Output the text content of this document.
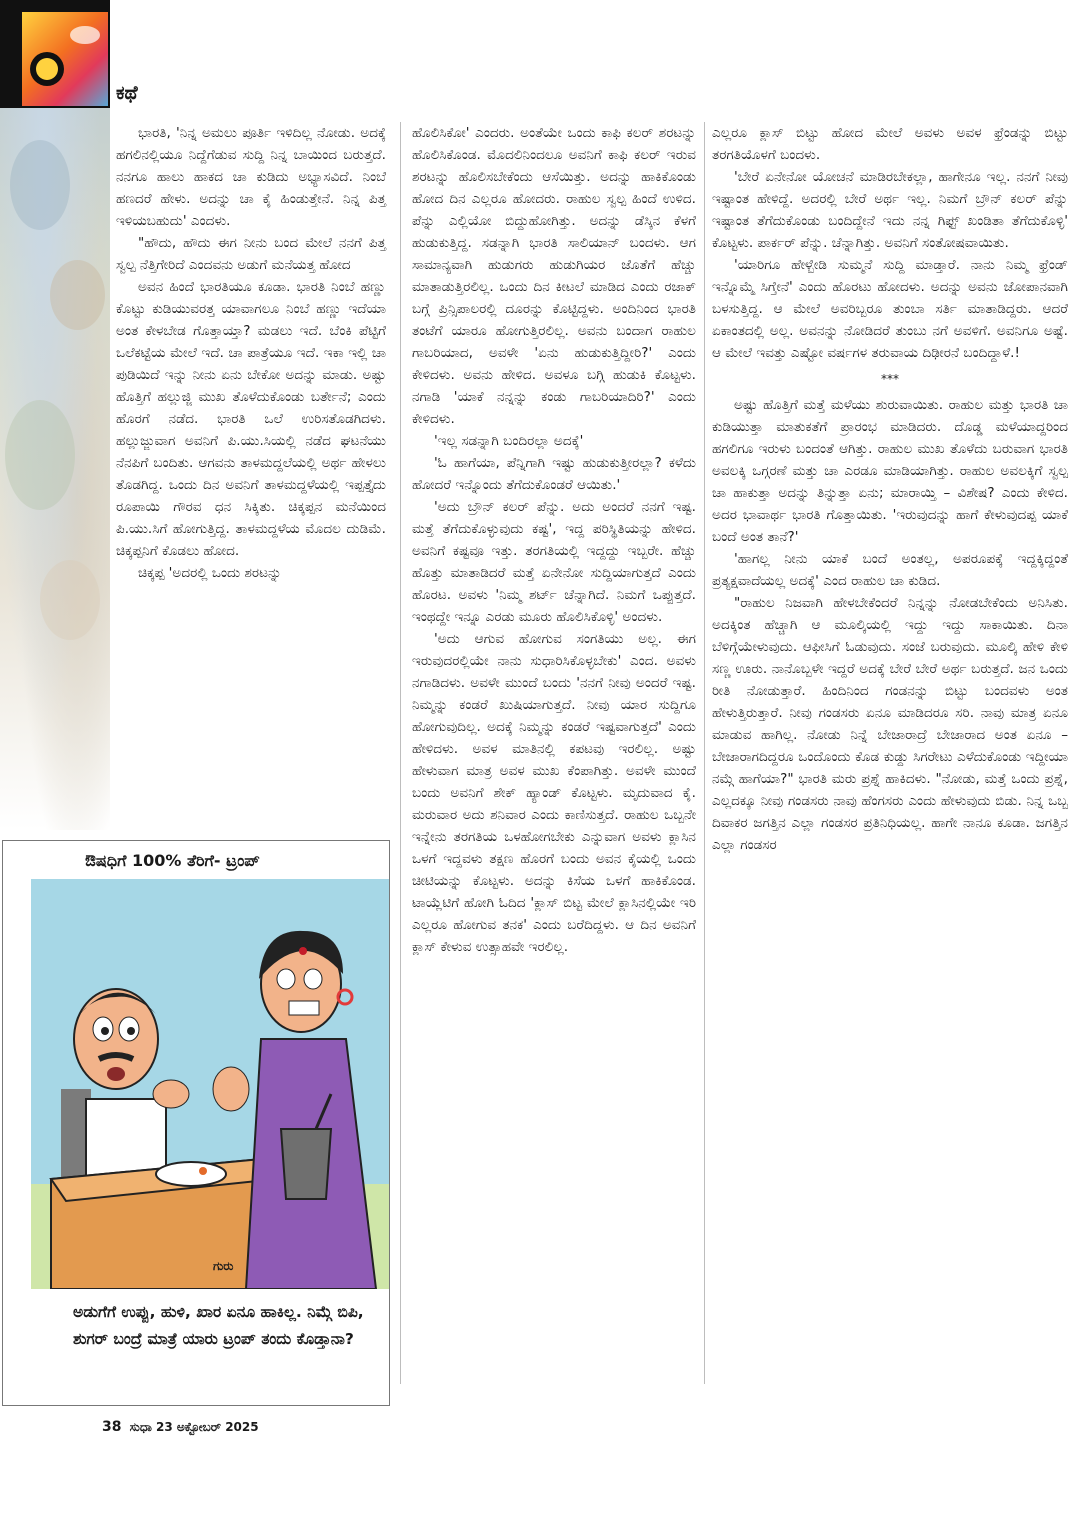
ಕಥೆ

ಭಾರತಿ, 'ನಿನ್ನ ಅಮಲು ಪೂರ್ತಿ ಇಳಿದಿಲ್ಲ ನೋಡು. ಅದಕ್ಕೆ ಹಗಲಿನಲ್ಲಿಯೂ ನಿದ್ದೆಗೆಡುವ ಸುದ್ದಿ ನಿನ್ನ ಬಾಯಿಂದ ಬರುತ್ತದೆ. ನನಗೂ ಹಾಲು ಹಾಕದ ಚಾ ಕುಡಿದು ಅಭ್ಯಾಸವಿದೆ. ನಿಂಬೆ ಹಣದರೆ ಹೇಳು. ಅದನ್ನು ಚಾ ಕೈ ಹಿಂಡುತ್ತೇನೆ. ನಿನ್ನ ಪಿತ್ತ ಇಳಿಯಬಹುದು' ಎಂದಳು.

"ಹೌದು, ಹೌದು ಈಗ ನೀನು ಬಂದ ಮೇಲೆ ನನಗೆ ಪಿತ್ತ ಸ್ವಲ್ಪ ನೆತ್ತಿಗೇರಿದೆ ಎಂದವನು ಅಡುಗೆ ಮನೆಯತ್ತ ಹೋದ

ಅವನ ಹಿಂದೆ ಭಾರತಿಯೂ ಕೂಡಾ. ಭಾರತಿ ನಿಂಬೆ ಹಣ್ಣು ಕೊಟ್ಟು ಕುಡಿಯುವರತ್ತ ಯಾವಾಗಲೂ ನಿಂಬೆ ಹಣ್ಣು ಇದೆಯಾ ಅಂತ ಕೇಳಬೇಡ ಗೊತ್ತಾಯ್ತಾ? ಮಡಲು ಇದೆ. ಬೆಂಕಿ ಪೆಟ್ಟಿಗೆ ಒಲೆಕಟ್ಟೆಯ ಮೇಲೆ ಇದೆ. ಚಾ ಪಾತ್ರೆಯೂ ಇದೆ. ಇಕಾ ಇಲ್ಲಿ ಚಾ ಪುಡಿಯಿದೆ ಇನ್ನು ನೀನು ಏನು ಬೇಕೋ ಅದನ್ನು ಮಾಡು. ಅಷ್ಟು ಹೊತ್ತಿಗೆ ಹಲ್ಲುಜ್ಜಿ ಮುಖ ತೊಳೆದುಕೊಂಡು ಬರ್ತೇನೆ; ಎಂದು ಹೊರಗೆ ನಡೆದ. ಭಾರತಿ ಒಲೆ ಉರಿಸತೊಡಗಿದಳು. ಹಲ್ಲುಜ್ಜುವಾಗ ಅವನಿಗೆ ಪಿ.ಯು.ಸಿಯಲ್ಲಿ ನಡೆದ ಘಟನೆಯು ನೆನಪಿಗೆ ಬಂದಿತು. ಆಗವನು ತಾಳಮದ್ದಲೆಯಲ್ಲಿ ಅರ್ಥ ಹೇಳಲು ತೊಡಗಿದ್ದ. ಒಂದು ದಿನ ಅವನಿಗೆ ತಾಳಮದ್ದಳೆಯಲ್ಲಿ ಇಪ್ಪತ್ತೈದು ರೂಪಾಯಿ ಗೌರವ ಧನ ಸಿಕ್ಕಿತು. ಚಿಕ್ಕಪ್ಪನ ಮನೆಯಿಂದ ಪಿ.ಯು.ಸಿಗೆ ಹೋಗುತ್ತಿದ್ದ. ತಾಳಮದ್ದಳೆಯ ಮೊದಲ ದುಡಿಮೆ. ಚಿಕ್ಕಪ್ಪನಿಗೆ ಕೊಡಲು ಹೋದ.

ಚಿಕ್ಕಪ್ಪ 'ಅದರಲ್ಲಿ ಒಂದು ಶರಟನ್ನು

ಹೊಲಿಸಿಕೋ' ಎಂದರು. ಅಂತೆಯೇ ಒಂದು ಕಾಫಿ ಕಲರ್ ಶರಟನ್ನು ಹೊಲಿಸಿಕೊಂಡ. ಮೊದಲಿನಿಂದಲೂ ಅವನಿಗೆ ಕಾಫಿ ಕಲರ್ ಇರುವ ಶರಟನ್ನು ಹೊಲಿಸಬೇಕೆಂದು ಆಸೆಯಿತ್ತು. ಅದನ್ನು ಹಾಕಿಕೊಂಡು ಹೋದ ದಿನ ಎಲ್ಲರೂ ಹೋದರು. ರಾಹುಲ ಸ್ವಲ್ಪ ಹಿಂದೆ ಉಳಿದ. ಪೆನ್ನು ಎಲ್ಲಿಯೋ ಬಿದ್ದುಹೋಗಿತ್ತು. ಅದನ್ನು ಡೆಸ್ಕಿನ ಕೆಳಗೆ ಹುಡುಕುತ್ತಿದ್ದ. ಸಡನ್ನಾಗಿ ಭಾರತಿ ಸಾಲಿಯಾನ್ ಬಂದಳು. ಆಗ ಸಾಮಾನ್ಯವಾಗಿ ಹುಡುಗರು ಹುಡುಗಿಯರ ಜೊತೆಗೆ ಹೆಚ್ಚು ಮಾತಾಡುತ್ತಿರಲಿಲ್ಲ. ಒಂದು ದಿನ ಕೀಟಲೆ ಮಾಡಿದ ಎಂದು ರಜಾಕ್ ಬಗ್ಗೆ ಪ್ರಿನ್ಸಿಪಾಲರಲ್ಲಿ ದೂರನ್ನು ಕೊಟ್ಟಿದ್ದಳು. ಅಂದಿನಿಂದ ಭಾರತಿ ತಂಟೆಗೆ ಯಾರೂ ಹೋಗುತ್ತಿರಲಿಲ್ಲ. ಅವನು ಬಂದಾಗ ರಾಹುಲ ಗಾಬರಿಯಾದ, ಅವಳೇ 'ಏನು ಹುಡುಕುತ್ತಿದ್ದೀರಿ?' ಎಂದು ಕೇಳಿದಳು. ಅವನು ಹೇಳಿದ. ಅವಳೂ ಬಗ್ಗಿ ಹುಡುಕಿ ಕೊಟ್ಟಳು. ನಗಾಡಿ 'ಯಾಕೆ ನನ್ನನ್ನು ಕಂಡು ಗಾಬರಿಯಾದಿರಿ?' ಎಂದು ಕೇಳಿದಳು.

'ಇಲ್ಲ ಸಡನ್ನಾಗಿ ಬಂದಿರಲ್ಲಾ ಅದಕ್ಕೆ'

'ಓ ಹಾಗೆಯಾ, ಪೆನ್ನಿಗಾಗಿ ಇಷ್ಟು ಹುಡುಕುತ್ತೀರಲ್ಲಾ? ಕಳೆದು ಹೋದರೆ ಇನ್ನೊಂದು ತೆಗೆದುಕೊಂಡರೆ ಆಯಿತು.'

'ಅದು ಬ್ರೌನ್ ಕಲರ್ ಪೆನ್ನು. ಅದು ಅಂದರೆ ನನಗೆ ಇಷ್ಟ. ಮತ್ತೆ ತೆಗೆದುಕೊಳ್ಳುವುದು ಕಷ್ಟ', ಇದ್ದ ಪರಿಸ್ಥಿತಿಯನ್ನು ಹೇಳಿದ. ಅವನಿಗೆ ಕಷ್ಟವೂ ಇತ್ತು. ತರಗತಿಯಲ್ಲಿ ಇದ್ದದ್ದು ಇಬ್ಬರೇ. ಹೆಚ್ಚು ಹೊತ್ತು ಮಾತಾಡಿದರೆ ಮತ್ತೆ ಏನೇನೋ ಸುದ್ದಿಯಾಗುತ್ತದೆ ಎಂದು ಹೊರಟ. ಅವಳು 'ನಿಮ್ಮ ಶರ್ಟ್ ಚೆನ್ನಾಗಿದೆ. ನಿಮಗೆ ಒಪ್ಪುತ್ತದೆ. ಇಂಥದ್ದೇ ಇನ್ನೂ ಎರಡು ಮೂರು ಹೊಲಿಸಿಕೊಳ್ಳಿ' ಅಂದಳು.

'ಅದು ಆಗುವ ಹೋಗುವ ಸಂಗತಿಯು ಅಲ್ಲ. ಈಗ ಇರುವುದರಲ್ಲಿಯೇ ನಾನು ಸುಧಾರಿಸಿಕೊಳ್ಳಬೇಕು' ಎಂದ. ಅವಳು ನಗಾಡಿದಳು. ಅವಳೇ ಮುಂದೆ ಬಂದು 'ನನಗೆ ನೀವು ಅಂದರೆ ಇಷ್ಟ. ನಿಮ್ಮನ್ನು ಕಂಡರೆ ಖುಷಿಯಾಗುತ್ತದೆ. ನೀವು ಯಾರ ಸುದ್ದಿಗೂ ಹೋಗುವುದಿಲ್ಲ. ಅದಕ್ಕೆ ನಿಮ್ಮನ್ನು ಕಂಡರೆ ಇಷ್ಟವಾಗುತ್ತದೆ' ಎಂದು ಹೇಳಿದಳು. ಅವಳ ಮಾತಿನಲ್ಲಿ ಕಪಟವು ಇರಲಿಲ್ಲ. ಅಷ್ಟು ಹೇಳುವಾಗ ಮಾತ್ರ ಅವಳ ಮುಖ ಕೆಂಪಾಗಿತ್ತು. ಅವಳೇ ಮುಂದೆ ಬಂದು ಅವನಿಗೆ ಶೇಕ್ ಹ್ಯಾಂಡ್ ಕೊಟ್ಟಳು. ಮೃದುವಾದ ಕೈ. ಮರುವಾರ ಅದು ಶನಿವಾರ ಎಂದು ಕಾಣಿಸುತ್ತದೆ. ರಾಹುಲ ಒಬ್ಬನೇ ಇನ್ನೇನು ತರಗತಿಯ ಒಳಹೋಗಬೇಕು ಎನ್ನುವಾಗ ಅವಳು ಕ್ಲಾಸಿನ ಒಳಗೆ ಇದ್ದವಳು ತಕ್ಷಣ ಹೊರಗೆ ಬಂದು ಅವನ ಕೈಯಲ್ಲಿ ಒಂದು ಚೀಟಿಯನ್ನು ಕೊಟ್ಟಳು. ಅದನ್ನು ಕಿಸೆಯ ಒಳಗೆ ಹಾಕಿಕೊಂಡ. ಟಾಯ್ಲೆಟಿಗೆ ಹೋಗಿ ಓದಿದ 'ಕ್ಲಾಸ್ ಬಿಟ್ಟ ಮೇಲೆ ಕ್ಲಾಸಿನಲ್ಲಿಯೇ ಇರಿ ಎಲ್ಲರೂ ಹೋಗುವ ತನಕ' ಎಂದು ಬರೆದಿದ್ದಳು. ಆ ದಿನ ಅವನಿಗೆ ಕ್ಲಾಸ್ ಕೇಳುವ ಉತ್ಸಾಹವೇ ಇರಲಿಲ್ಲ.

ಎಲ್ಲರೂ ಕ್ಲಾಸ್ ಬಿಟ್ಟು ಹೋದ ಮೇಲೆ ಅವಳು ಅವಳ ಫ್ರೆಂಡನ್ನು ಬಿಟ್ಟು ತರಗತಿಯೊಳಗೆ ಬಂದಳು.

'ಬೇರೆ ಏನೇನೋ ಯೋಚನೆ ಮಾಡಿರಬೇಕಲ್ಲಾ, ಹಾಗೇನೂ ಇಲ್ಲ. ನನಗೆ ನೀವು ಇಷ್ಟಾಂತ ಹೇಳಿದ್ದೆ. ಅದರಲ್ಲಿ ಬೇರೆ ಅರ್ಥ ಇಲ್ಲ. ನಿಮಗೆ ಬ್ರೌನ್ ಕಲರ್ ಪೆನ್ನು ಇಷ್ಟಾಂತ ತೆಗೆದುಕೊಂಡು ಬಂದಿದ್ದೇನೆ ಇದು ನನ್ನ ಗಿಫ್ಟ್ ಖಂಡಿತಾ ತೆಗೆದುಕೊಳ್ಳಿ' ಕೊಟ್ಟಳು. ಪಾರ್ಕರ್ ಪೆನ್ನು. ಚೆನ್ನಾಗಿತ್ತು. ಅವನಿಗೆ ಸಂತೋಷವಾಯಿತು.

'ಯಾರಿಗೂ ಹೇಳ್ಬೇಡಿ ಸುಮ್ಮನೆ ಸುದ್ದಿ ಮಾಡ್ತಾರೆ. ನಾನು ನಿಮ್ಮ ಫ್ರೆಂಡ್ ಇನ್ನೊಮ್ಮೆ ಸಿಗ್ತೇನೆ' ಎಂದು ಹೊರಟು ಹೋದಳು. ಅದನ್ನು ಅವನು ಜೋಪಾನವಾಗಿ ಬಳಸುತ್ತಿದ್ದ. ಆ ಮೇಲೆ ಅವರಿಬ್ಬರೂ ತುಂಬಾ ಸರ್ತಿ ಮಾತಾಡಿದ್ದರು. ಆದರೆ ಏಕಾಂತದಲ್ಲಿ ಅಲ್ಲ. ಅವನನ್ನು ನೋಡಿದರೆ ತುಂಬು ನಗೆ ಅವಳಿಗೆ. ಅವನಿಗೂ ಅಷ್ಟೆ. ಆ ಮೇಲೆ ಇವತ್ತು ಎಷ್ಟೋ ವರ್ಷಗಳ ತರುವಾಯ ದಿಢೀರನೆ ಬಂದಿದ್ದಾಳೆ.!

***

ಅಷ್ಟು ಹೊತ್ತಿಗೆ ಮತ್ತೆ ಮಳೆಯು ಶುರುವಾಯಿತು. ರಾಹುಲ ಮತ್ತು ಭಾರತಿ ಚಾ ಕುಡಿಯುತ್ತಾ ಮಾತುಕತೆಗೆ ಪ್ರಾರಂಭ ಮಾಡಿದರು. ದೊಡ್ಡ ಮಳೆಯಾದ್ದರಿಂದ ಹಗಲಿಗೂ ಇರುಳು ಬಂದಂತೆ ಆಗಿತ್ತು. ರಾಹುಲ ಮುಖ ತೊಳೆದು ಬರುವಾಗ ಭಾರತಿ ಅವಲಕ್ಕಿ ಒಗ್ಗರಣೆ ಮತ್ತು ಚಾ ಎರಡೂ ಮಾಡಿಯಾಗಿತ್ತು. ರಾಹುಲ ಅವಲಕ್ಕಿಗೆ ಸ್ವಲ್ಪ ಚಾ ಹಾಕುತ್ತಾ ಅದನ್ನು ತಿನ್ನುತ್ತಾ ಏನು; ಮಾರಾಯ್ತಿ – ವಿಶೇಷ? ಎಂದು ಕೇಳಿದ. ಅದರ ಭಾವಾರ್ಥ ಭಾರತಿ ಗೊತ್ತಾಯಿತು. 'ಇರುವುದನ್ನು ಹಾಗೆ ಕೇಳುವುದಪ್ಪ ಯಾಕೆ ಬಂದೆ ಅಂತ ತಾನೆ?'

'ಹಾಗಲ್ಲ ನೀನು ಯಾಕೆ ಬಂದೆ ಅಂತಲ್ಲ, ಅಪರೂಪಕ್ಕೆ ಇದ್ದಕ್ಕಿದ್ದಂತೆ ಪ್ರತ್ಯಕ್ಷವಾದೆಯಲ್ಲ ಅದಕ್ಕೆ' ಎಂದ ರಾಹುಲ ಚಾ ಕುಡಿದ.

"ರಾಹುಲ ನಿಜವಾಗಿ ಹೇಳಬೇಕೆಂದರೆ ನಿನ್ನನ್ನು ನೋಡಬೇಕೆಂದು ಅನಿಸಿತು. ಅದಕ್ಕಿಂತ ಹೆಚ್ಚಾಗಿ ಆ ಮೂಲ್ಕಿಯಲ್ಲಿ ಇದ್ದು ಇದ್ದು ಸಾಕಾಯಿತು. ದಿನಾ ಬೆಳಿಗ್ಗೆಯೇಳುವುದು. ಆಫೀಸಿಗೆ ಓಡುವುದು. ಸಂಜೆ ಬರುವುದು. ಮೂಲ್ಕಿ ಹೇಳಿ ಕೇಳಿ ಸಣ್ಣ ಊರು. ನಾನೊಬ್ಬಳೇ ಇದ್ದರೆ ಅದಕ್ಕೆ ಬೇರೆ ಬೇರೆ ಅರ್ಥ ಬರುತ್ತದೆ. ಜನ ಒಂದು ರೀತಿ ನೋಡುತ್ತಾರೆ. ಹಿಂದಿನಿಂದ ಗಂಡನನ್ನು ಬಿಟ್ಟು ಬಂದವಳು ಅಂತ ಹೇಳುತ್ತಿರುತ್ತಾರೆ. ನೀವು ಗಂಡಸರು ಏನೂ ಮಾಡಿದರೂ ಸರಿ. ನಾವು ಮಾತ್ರ ಏನೂ ಮಾಡುವ ಹಾಗಿಲ್ಲ. ನೋಡು ನಿನ್ನೆ ಬೇಜಾರಾದ್ರೆ ಬೇಜಾರಾದ ಅಂತ ಏನೂ – ಬೇಜಾರಾಗದಿದ್ದರೂ ಒಂದೊಂದು ಕೊಡ ಕುಡ್ದು ಸಿಗರೇಟು ಎಳೆದುಕೊಂಡು ಇದ್ದೀಯಾ ನಮ್ಗೆ ಹಾಗೆಯಾ?" ಭಾರತಿ ಮರು ಪ್ರಶ್ನೆ ಹಾಕಿದಳು. "ನೋಡು, ಮತ್ತೆ ಒಂದು ಪ್ರಶ್ನೆ, ಎಲ್ಲದಕ್ಕೂ ನೀವು ಗಂಡಸರು ನಾವು ಹೆಂಗಸರು ಎಂದು ಹೇಳುವುದು ಬಿಡು. ನಿನ್ನ ಒಬ್ಬ ದಿವಾಕರ ಜಗತ್ತಿನ ಎಲ್ಲಾ ಗಂಡಸರ ಪ್ರತಿನಿಧಿಯಲ್ಲ. ಹಾಗೇ ನಾನೂ ಕೂಡಾ. ಜಗತ್ತಿನ ಎಲ್ಲಾ ಗಂಡಸರ

ಔಷಧಿಗೆ 100% ತೆರಿಗೆ- ಟ್ರಂಪ್
ಗುರು
ಅಡುಗೆಗೆ ಉಪ್ಪು, ಹುಳಿ, ಖಾರ ಏನೂ ಹಾಕಿಲ್ಲ. ನಿಮ್ಗೆ ಬಿಪಿ, ಶುಗರ್ ಬಂದ್ರೆ ಮಾತ್ರೆ ಯಾರು ಟ್ರಂಪ್ ತಂದು ಕೊಡ್ತಾನಾ?
38 ಸುಧಾ 23 ಅಕ್ಟೋಬರ್ 2025
